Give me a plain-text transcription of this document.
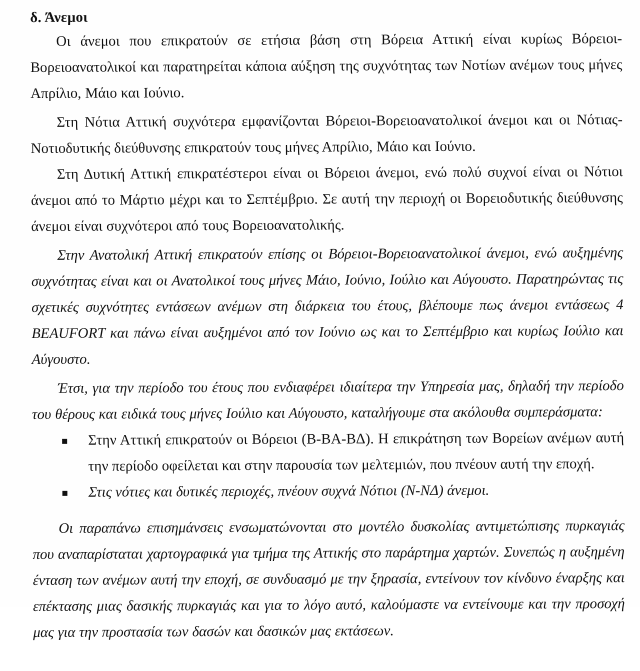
δ. Άνεμοι

Οι άνεμοι που επικρατούν σε ετήσια βάση στη Βόρεια Αττική είναι κυρίως Βόρειοι-Βορειοανατολικοί και παρατηρείται κάποια αύξηση της συχνότητας των Νοτίων ανέμων τους μήνες Απρίλιο, Μάιο και Ιούνιο.

Στη Νότια Αττική συχνότερα εμφανίζονται Βόρειοι-Βορειοανατολικοί άνεμοι και οι Νότιας-Νοτιοδυτικής διεύθυνσης επικρατούν τους μήνες Απρίλιο, Μάιο και Ιούνιο.

Στη Δυτική Αττική επικρατέστεροι είναι οι Βόρειοι άνεμοι, ενώ πολύ συχνοί είναι οι Νότιοι άνεμοι από το Μάρτιο μέχρι και το Σεπτέμβριο. Σε αυτή την περιοχή οι Βορειοδυτικής διεύθυνσης άνεμοι είναι συχνότεροι από τους Βορειοανατολικής.

Στην Ανατολική Αττική επικρατούν επίσης οι Βόρειοι-Βορειοανατολικοί άνεμοι, ενώ αυξημένης συχνότητας είναι και οι Ανατολικοί τους μήνες Μάιο, Ιούνιο, Ιούλιο και Αύγουστο. Παρατηρώντας τις σχετικές συχνότητες εντάσεων ανέμων στη διάρκεια του έτους, βλέπουμε πως άνεμοι εντάσεως 4 BEAUFORT και πάνω είναι αυξημένοι από τον Ιούνιο ως και το Σεπτέμβριο και κυρίως Ιούλιο και Αύγουστο.

Έτσι, για την περίοδο του έτους που ενδιαφέρει ιδιαίτερα την Υπηρεσία μας, δηλαδή την περίοδο του θέρους και ειδικά τους μήνες Ιούλιο και Αύγουστο, καταλήγουμε στα ακόλουθα συμπεράσματα:

Στην Αττική επικρατούν οι Βόρειοι (Β-ΒΑ-ΒΔ). Η επικράτηση των Βορείων ανέμων αυτή την περίοδο οφείλεται και στην παρουσία των μελτεμιών, που πνέουν αυτή την εποχή.
Στις νότιες και δυτικές περιοχές, πνέουν συχνά Νότιοι (Ν-ΝΔ) άνεμοι.

Οι παραπάνω επισημάνσεις ενσωματώνονται στο μοντέλο δυσκολίας αντιμετώπισης πυρκαγιάς που αναπαρίσταται χαρτογραφικά για τμήμα της Αττικής στο παράρτημα χαρτών. Συνεπώς η αυξημένη ένταση των ανέμων αυτή την εποχή, σε συνδυασμό με την ξηρασία, εντείνουν τον κίνδυνο έναρξης και επέκτασης μιας δασικής πυρκαγιάς και για το λόγο αυτό, καλούμαστε να εντείνουμε και την προσοχή μας για την προστασία των δασών και δασικών μας εκτάσεων.
